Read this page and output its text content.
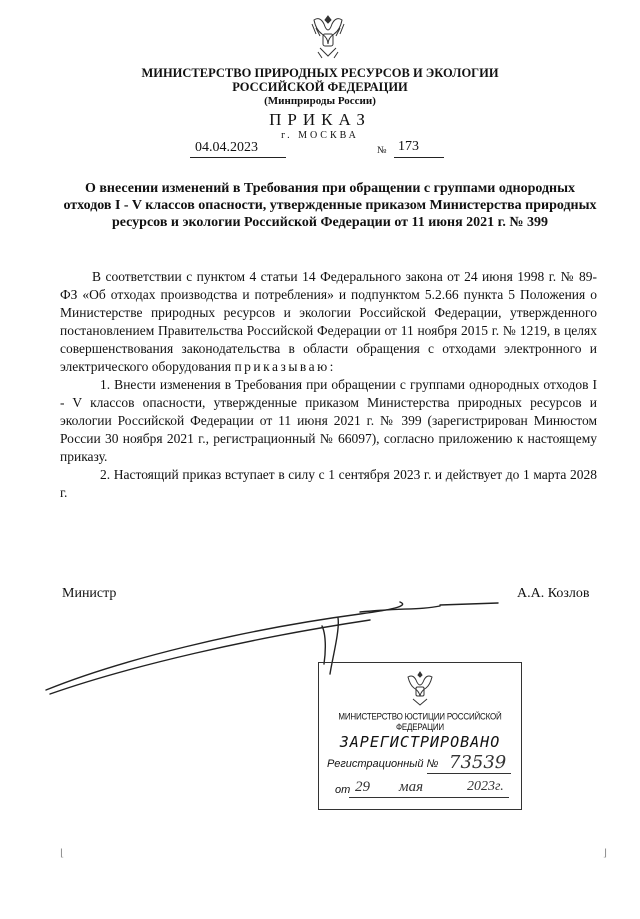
МИНИСТЕРСТВО ПРИРОДНЫХ РЕСУРСОВ И ЭКОЛОГИИ
РОССИЙСКОЙ ФЕДЕРАЦИИ
(Минприроды России)
ПРИКАЗ
г. МОСКВА
04.04.2023	№ 173
О внесении изменений в Требования при обращении с группами однородных отходов I - V классов опасности, утвержденные приказом Министерства природных ресурсов и экологии Российской Федерации от 11 июня 2021 г. № 399

В соответствии с пунктом 4 статьи 14 Федерального закона от 24 июня 1998 г. № 89-ФЗ «Об отходах производства и потребления» и подпунктом 5.2.66 пункта 5 Положения о Министерстве природных ресурсов и экологии Российской Федерации, утвержденного постановлением Правительства Российской Федерации от 11 ноября 2015 г. № 1219, в целях совершенствования законодательства в области обращения с отходами электронного и электрического оборудования приказываю:

1. Внести изменения в Требования при обращении с группами однородных отходов I - V классов опасности, утвержденные приказом Министерства природных ресурсов и экологии Российской Федерации от 11 июня 2021 г. № 399 (зарегистрирован Минюстом России 30 ноября 2021 г., регистрационный № 66097), согласно приложению к настоящему приказу.

2. Настоящий приказ вступает в силу с 1 сентября 2023 г. и действует до 1 марта 2028 г.

Министр	А.А. Козлов
МИНИСТЕРСТВО ЮСТИЦИИ РОССИЙСКОЙ ФЕДЕРАЦИИ
ЗАРЕГИСТРИРОВАНО
Регистрационный № 73539
от 29 мая	2023г.
⌊	⌋
